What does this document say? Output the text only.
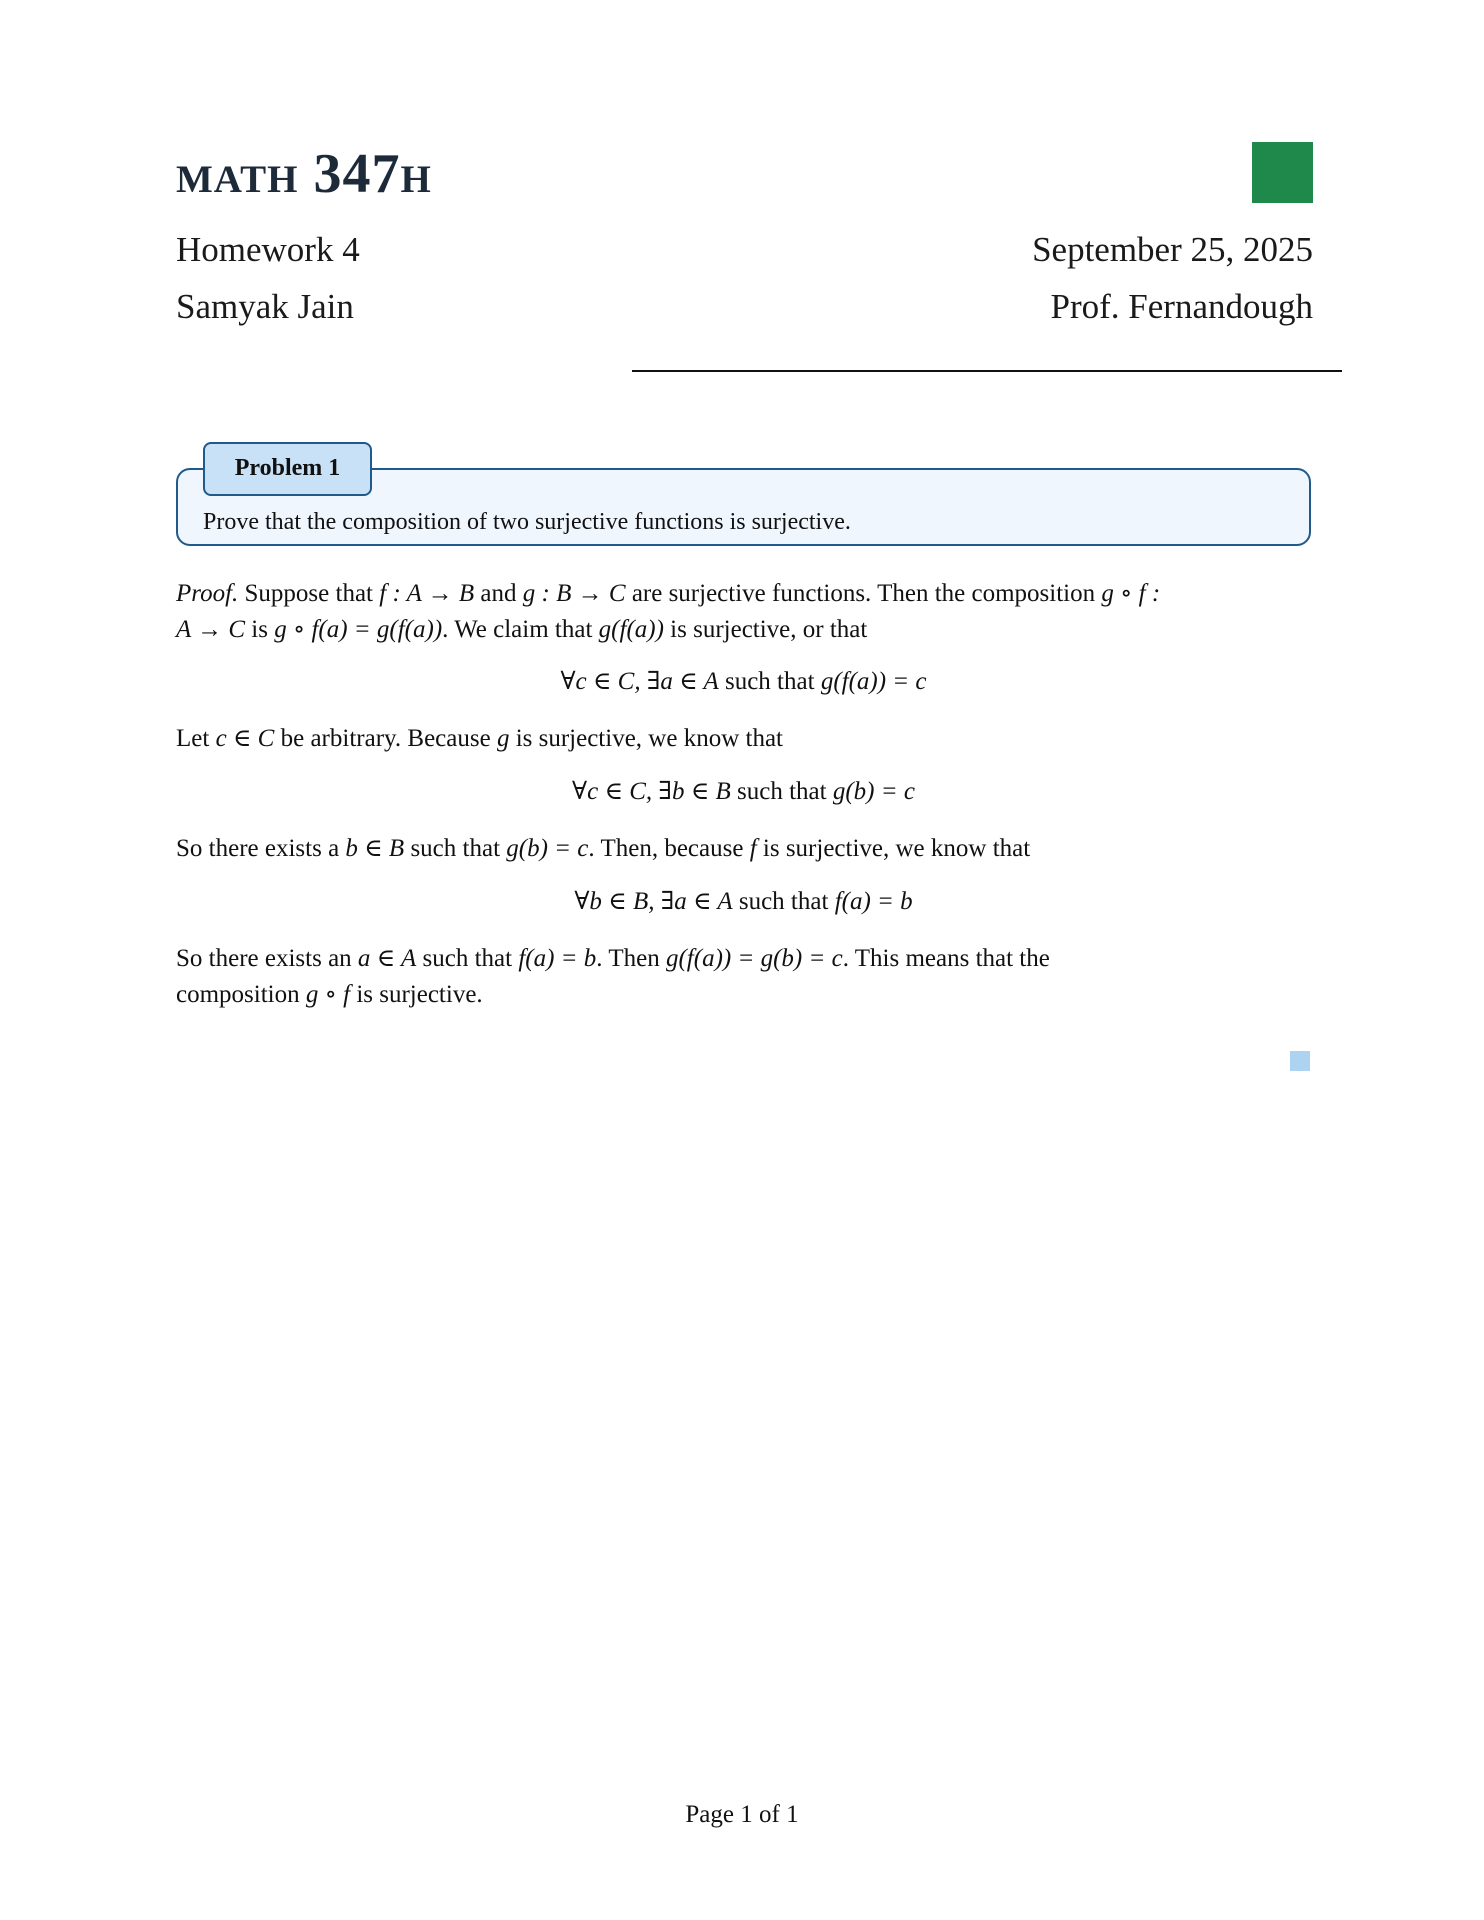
math 347h

Homework 4	September 25, 2025

Samyak Jain	Prof. Fernandough

Problem 1

Prove that the composition of two surjective functions is surjective.

Proof. Suppose that f : A → B and g : B → C are surjective functions. Then the composition g ∘ f :
A → C is g ∘ f(a) = g(f(a)). We claim that g(f(a)) is surjective, or that

∀c ∈ C, ∃a ∈ A such that g(f(a)) = c

Let c ∈ C be arbitrary. Because g is surjective, we know that

∀c ∈ C, ∃b ∈ B such that g(b) = c

So there exists a b ∈ B such that g(b) = c. Then, because f is surjective, we know that

∀b ∈ B, ∃a ∈ A such that f(a) = b

So there exists an a ∈ A such that f(a) = b. Then g(f(a)) = g(b) = c. This means that the
composition g ∘ f is surjective.

Page 1 of 1
